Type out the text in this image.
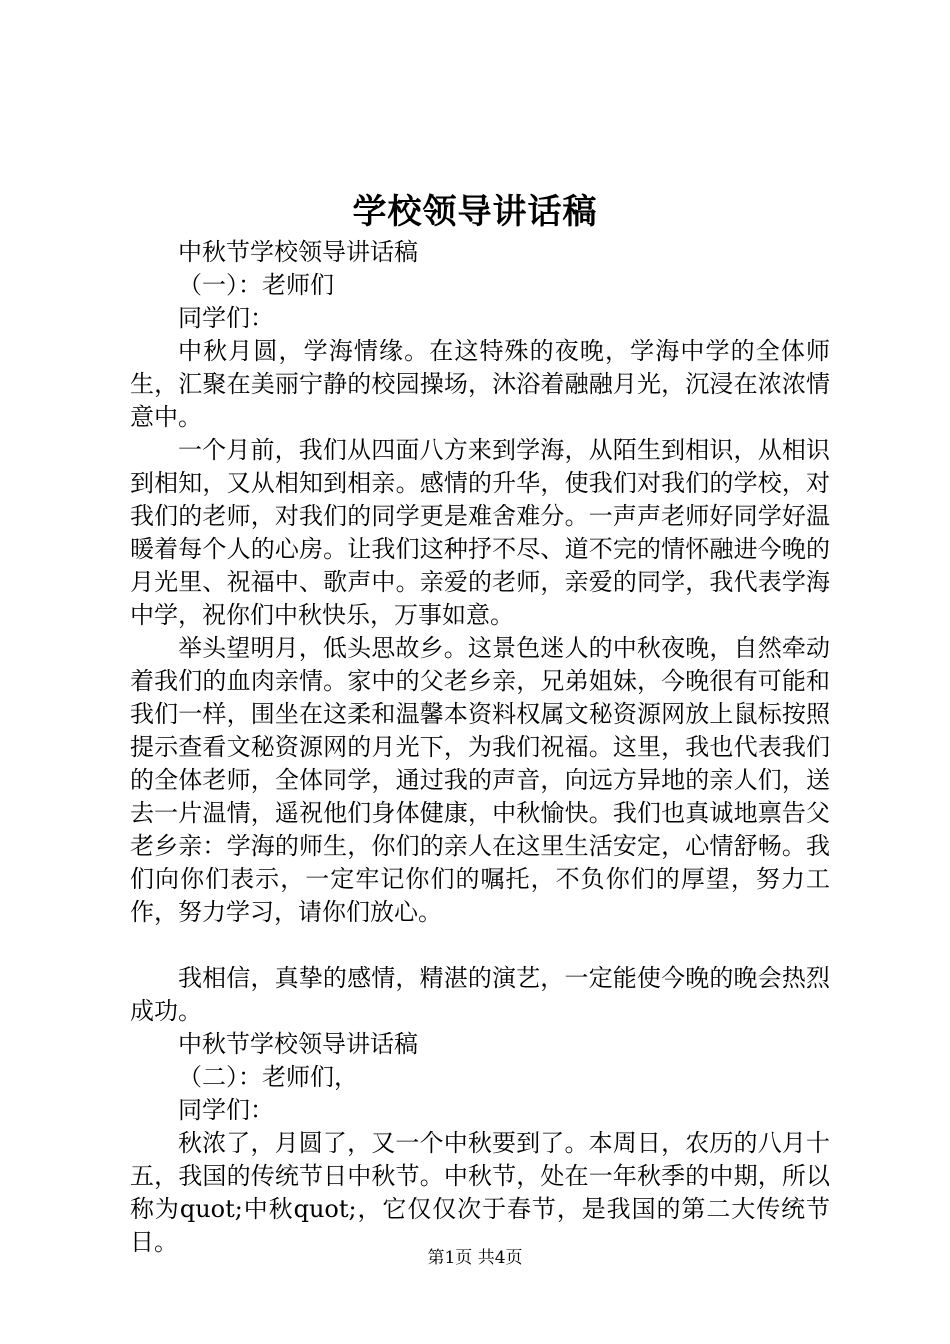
学校领导讲话稿

中秋节学校领导讲话稿

（一）：老师们

同学们：

中秋月圆，学海情缘。在这特殊的夜晚，学海中学的全体师生，汇聚在美丽宁静的校园操场，沐浴着融融月光，沉浸在浓浓情意中。

一个月前，我们从四面八方来到学海，从陌生到相识，从相识到相知，又从相知到相亲。感情的升华，使我们对我们的学校，对我们的老师，对我们的同学更是难舍难分。一声声老师好同学好温暖着每个人的心房。让我们这种抒不尽、道不完的情怀融进今晚的月光里、祝福中、歌声中。亲爱的老师，亲爱的同学，我代表学海中学，祝你们中秋快乐，万事如意。

举头望明月，低头思故乡。这景色迷人的中秋夜晚，自然牵动着我们的血肉亲情。家中的父老乡亲，兄弟姐妹，今晚很有可能和我们一样，围坐在这柔和温馨本资料权属文秘资源网放上鼠标按照提示查看文秘资源网的月光下，为我们祝福。这里，我也代表我们的全体老师，全体同学，通过我的声音，向远方异地的亲人们，送去一片温情，遥祝他们身体健康，中秋愉快。我们也真诚地禀告父老乡亲：学海的师生，你们的亲人在这里生活安定，心情舒畅。我们向你们表示，一定牢记你们的嘱托，不负你们的厚望，努力工作，努力学习，请你们放心。

我相信，真挚的感情，精湛的演艺，一定能使今晚的晚会热烈成功。

中秋节学校领导讲话稿

（二）：老师们，

同学们：

秋浓了，月圆了，又一个中秋要到了。本周日，农历的八月十五，我国的传统节日中秋节。中秋节，处在一年秋季的中期，所以称为quot;中秋quot;，它仅仅次于春节，是我国的第二大传统节日。

第1页 共4页
